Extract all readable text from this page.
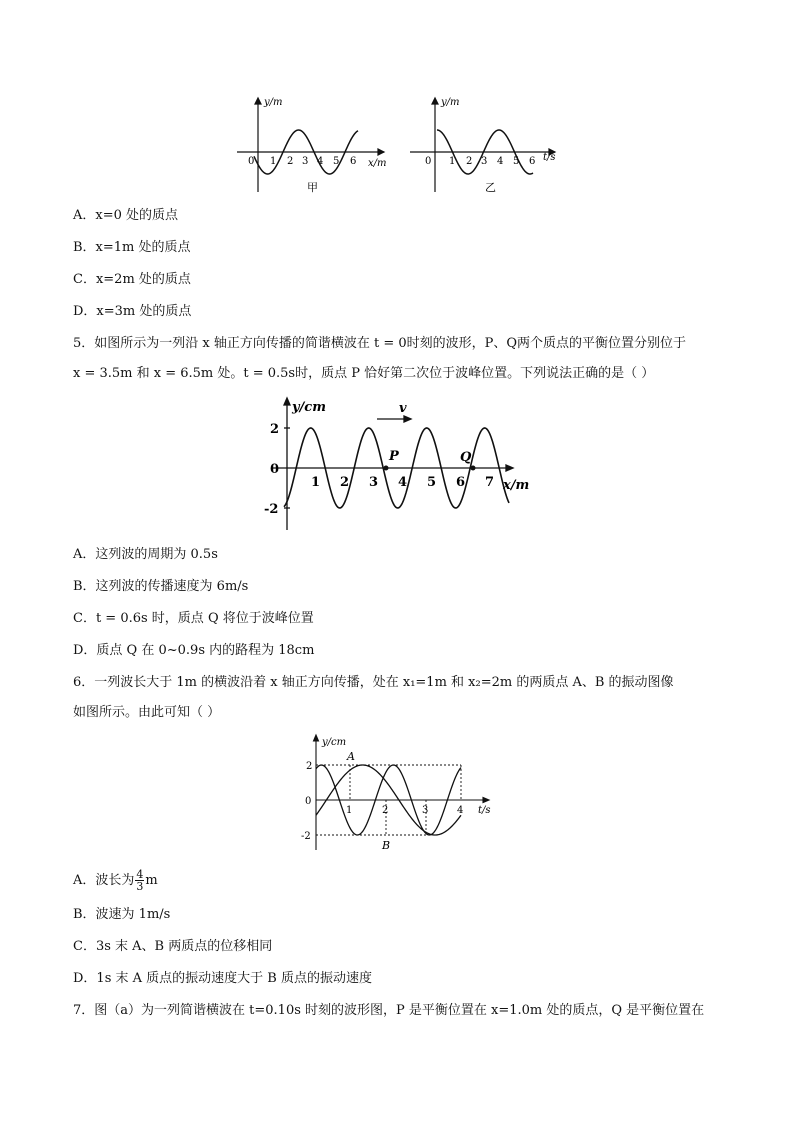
y/m
x/m
0 1 2 3 4 5 6
甲
y/m
t/s
0 1 2 3 4 5 6
乙
A．x=0 处的质点
B．x=1m 处的质点
C．x=2m 处的质点
D．x=3m 处的质点
5．如图所示为一列沿 x 轴正方向传播的简谐横波在 t = 0时刻的波形，P、Q两个质点的平衡位置分别位于
x = 3.5m 和 x = 6.5m 处。t = 0.5s时，质点 P 恰好第二次位于波峰位置。下列说法正确的是（ ）
y/cm
x/m
v
2
0
-2
1 2 3 4 5 6 7
P	Q
A．这列波的周期为 0.5s
B．这列波的传播速度为 6m/s
C．t = 0.6s 时，质点 Q 将位于波峰位置
D．质点 Q 在 0~0.9s 内的路程为 18cm
6．一列波长大于 1m 的横波沿着 x 轴正方向传播，处在 x₁=1m 和 x₂=2m 的两质点 A、B 的振动图像
如图所示。由此可知（ ）
y/cm
t/s
2
0
-2
1	2	3	4
A
B
A．波长为 $\frac{4}{3}$ m
B．波速为 1m/s
C．3s 末 A、B 两质点的位移相同
D．1s 末 A 质点的振动速度大于 B 质点的振动速度
7．图（a）为一列简谐横波在 t=0.10s 时刻的波形图，P 是平衡位置在 x=1.0m 处的质点，Q 是平衡位置在
